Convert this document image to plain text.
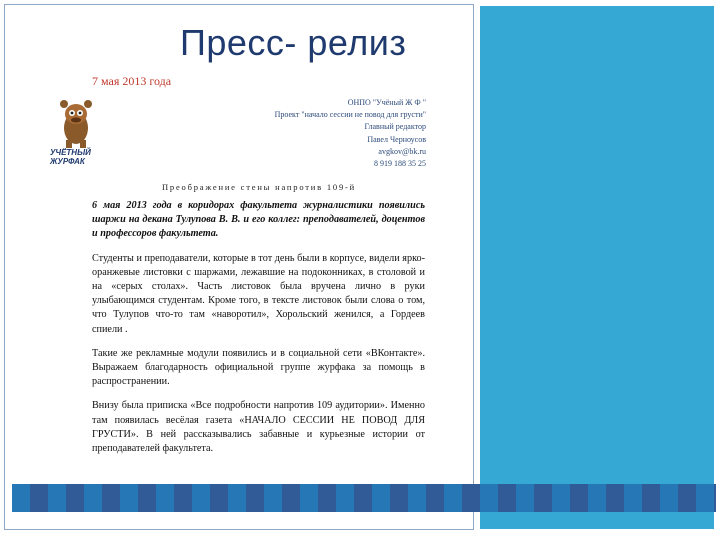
Пресс- релиз
7 мая 2013 года
ОНПО "Учёный Ж Ф "
Проект "начало сессии не повод для грусти"
Главный редактор
Павел Черноусов
avgkov@bk.ru
8 919 188 35 25
УЧЁТНЫЙ ЖУРФАК
Преображение стены напротив 109-й

6 мая 2013 года в коридорах факультета журналистики появились шаржи на декана Тулупова В. В. и его коллег: преподавателей, доцентов и профессоров факультета.

Студенты и преподаватели, которые в тот день были в корпусе, видели ярко-оранжевые листовки с шаржами, лежавшие на подоконниках, в столовой и на «серых столах». Часть листовок была вручена лично в руки улыбающимся студентам. Кроме того, в тексте листовок были слова о том, что Тулупов что-то там «наворотил», Хорольский женился, а Гордеев спиели .

Такие же рекламные модули появились и в социальной сети «ВКонтакте». Выражаем благодарность официальной группе журфака за помощь в распространении.

Внизу была приписка «Все подробности напротив 109 аудитории». Именно там появилась весёлая газета «НАЧАЛО СЕССИИ НЕ ПОВОД ДЛЯ ГРУСТИ». В ней рассказывались забавные и курьезные истории от преподавателей факультета.
